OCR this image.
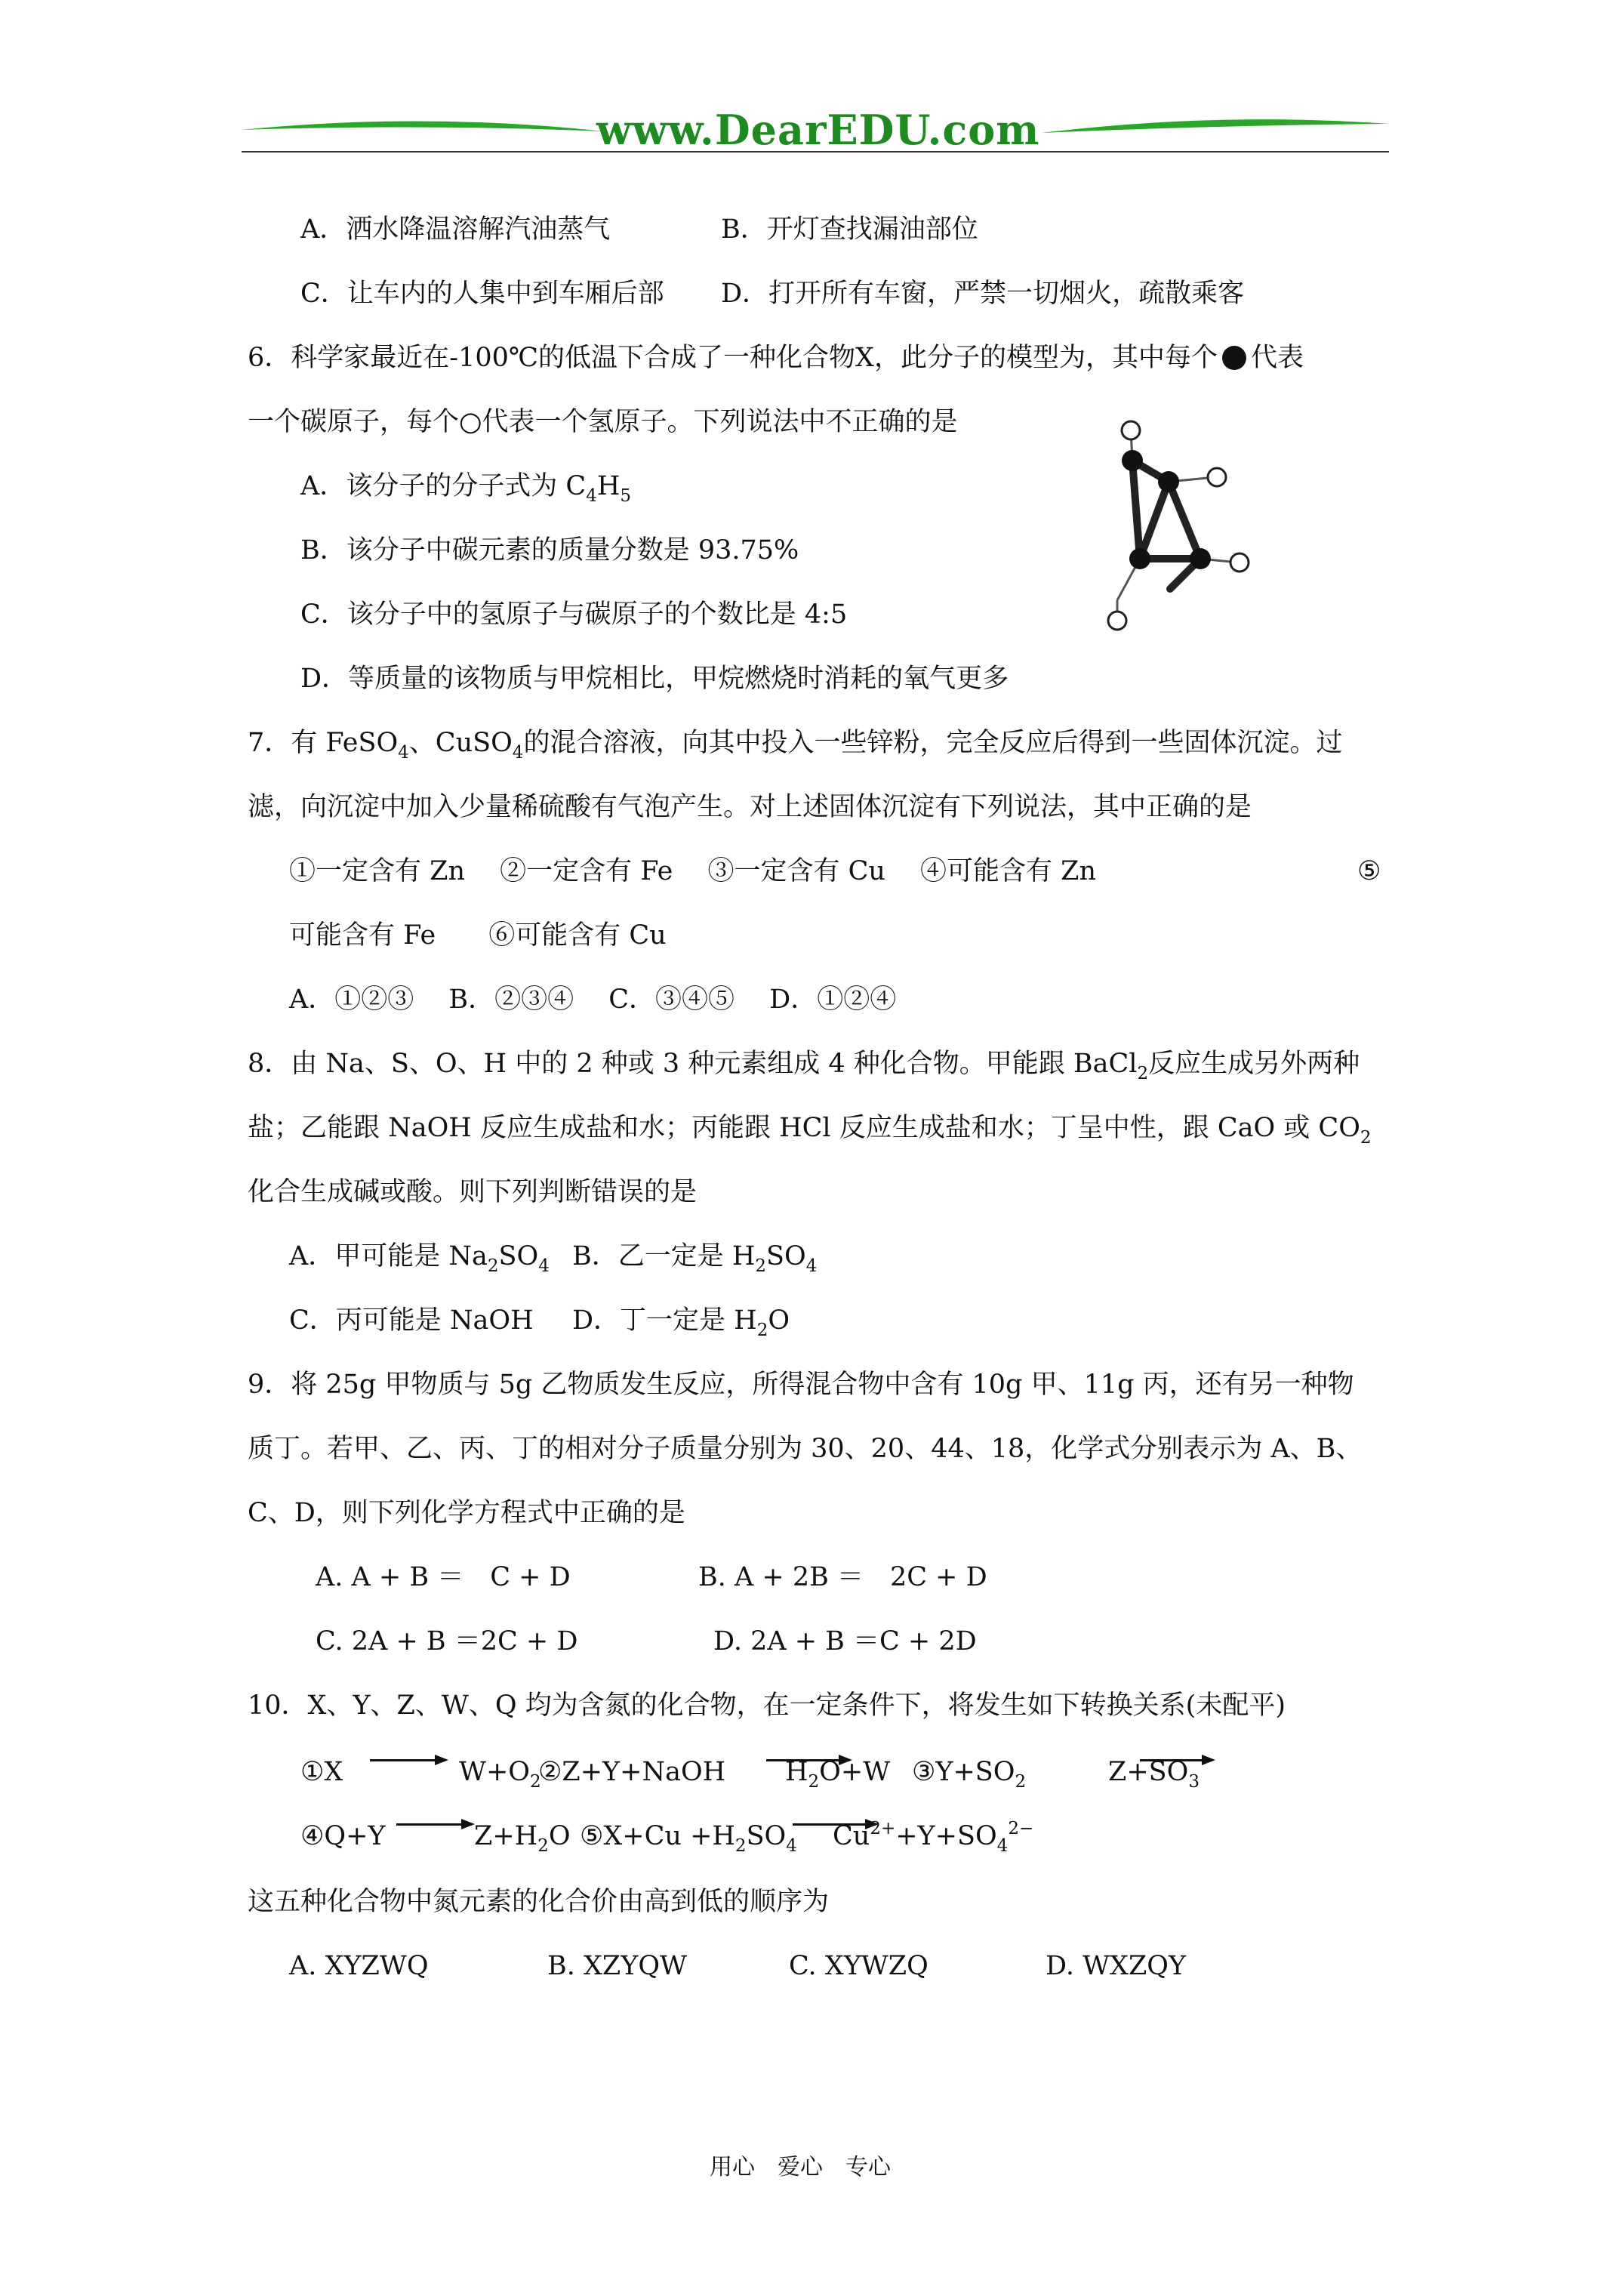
www.DearEDU.com
A．洒水降温溶解汽油蒸气	B．开灯查找漏油部位
C．让车内的人集中到车厢后部 D．打开所有车窗，严禁一切烟火，疏散乘客
6．科学家最近在-100℃的低温下合成了一种化合物X，此分子的模型为，其中每个 代表
一个碳原子，每个○代表一个氢原子。下列说法中不正确的是
A．该分子的分子式为 $C_4H_5$
B．该分子中碳元素的质量分数是 93.75%
C．该分子中的氢原子与碳原子的个数比是 4:5
D．等质量的该物质与甲烷相比，甲烷燃烧时消耗的氧气更多
7．有 FeSO$_4$、CuSO$_4$的混合溶液，向其中投入一些锌粉，完全反应后得到一些固体沉淀。过
滤，向沉淀中加入少量稀硫酸有气泡产生。对上述固体沉淀有下列说法，其中正确的是
①一定含有 Zn　 ②一定含有 Fe　 ③一定含有 Cu　 ④可能含有 Zn	⑤
可能含有 Fe　　⑥可能含有 Cu
A．①②③　 B．②③④　 C．③④⑤　 D．①②④
8．由 Na、S、O、H 中的 2 种或 3 种元素组成 4 种化合物。甲能跟 BaCl$_2$反应生成另外两种
盐；乙能跟 NaOH 反应生成盐和水；丙能跟 HCl 反应生成盐和水；丁呈中性，跟 CaO 或 $CO_2$
化合生成碱或酸。则下列判断错误的是
A．甲可能是 $Na_2SO_4$ B．乙一定是 $H_2SO_4$
C．丙可能是 NaOH D．丁一定是 $H_2O$
9．将 25g 甲物质与 5g 乙物质发生反应，所得混合物中含有 10g 甲、11g 丙，还有另一种物
质丁。若甲、乙、丙、丁的相对分子质量分别为 30、20、44、18，化学式分别表示为 A、B、
C、D，则下列化学方程式中正确的是
A. A + B ＝　C + D	B. A + 2B ＝　2C + D
C. 2A + B ＝2C + D	D. 2A + B ＝C + 2D
10．X、Y、Z、W、Q 均为含氮的化合物，在一定条件下，将发生如下转换关系(未配平)
①X	$W+O_2$
②Z+Y+NaOH $H_2O+W$ $③Y+SO_2$	$Z+SO_3$
④Q+Y	$Z+H_2O$ ⑤X+Cu $+H_2SO_4$ $Cu^{2+}+Y+SO_4^{2-}$
这五种化合物中氮元素的化合价由高到低的顺序为
A. XYZWQ	B. XZYQW	C. XYWZQ	D. WXZQY
用心　爱心　专心
